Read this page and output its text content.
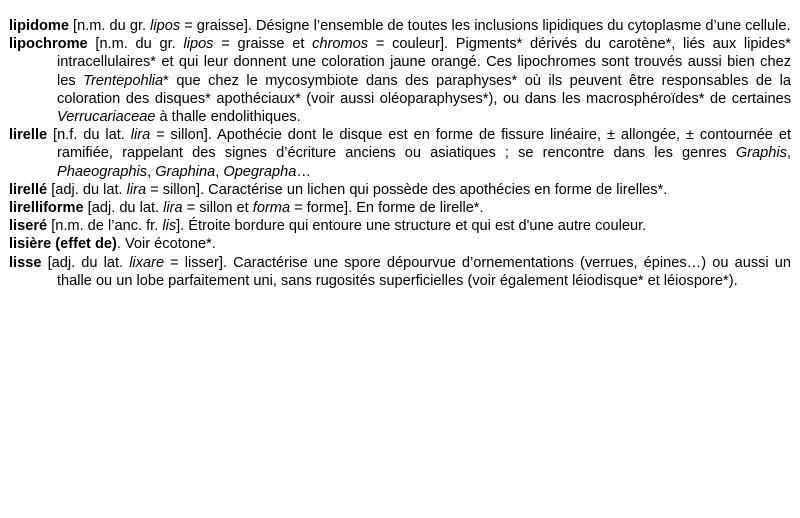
lipidome [n.m. du gr. lipos = graisse]. Désigne l’ensemble de toutes les inclusions lipidiques du cytoplasme d’une cellule.

lipochrome [n.m. du gr. lipos = graisse et chromos = couleur]. Pigments* dérivés du carotène*, liés aux lipides* intracellulaires* et qui leur donnent une coloration jaune orangé. Ces lipochromes sont trouvés aussi bien chez les Trentepohlia* que chez le mycosymbiote dans des paraphyses* où ils peuvent être responsables de la coloration des disques* apothéciaux* (voir aussi oléoparaphyses*), ou dans les macrosphéroïdes* de certaines Verrucariaceae à thalle endolithiques.

lirelle [n.f. du lat. lira = sillon]. Apothécie dont le disque est en forme de fissure linéaire, ± allongée, ± contournée et ramifiée, rappelant des signes d’écriture anciens ou asiatiques ; se rencontre dans les genres Graphis, Phaeographis, Graphina, Opegrapha…

lirellé [adj. du lat. lira = sillon]. Caractérise un lichen qui possède des apothécies en forme de lirelles*.

lirelliforme [adj. du lat. lira = sillon et forma = forme]. En forme de lirelle*.

liseré [n.m. de l’anc. fr. lis]. Étroite bordure qui entoure une structure et qui est d'une autre couleur.

lisière (effet de). Voir écotone*.

lisse [adj. du lat. lixare = lisser]. Caractérise une spore dépourvue d’ornementations (verrues, épines…) ou aussi un thalle ou un lobe parfaitement uni, sans rugosités superficielles (voir également léiodisque* et léiospore*).
